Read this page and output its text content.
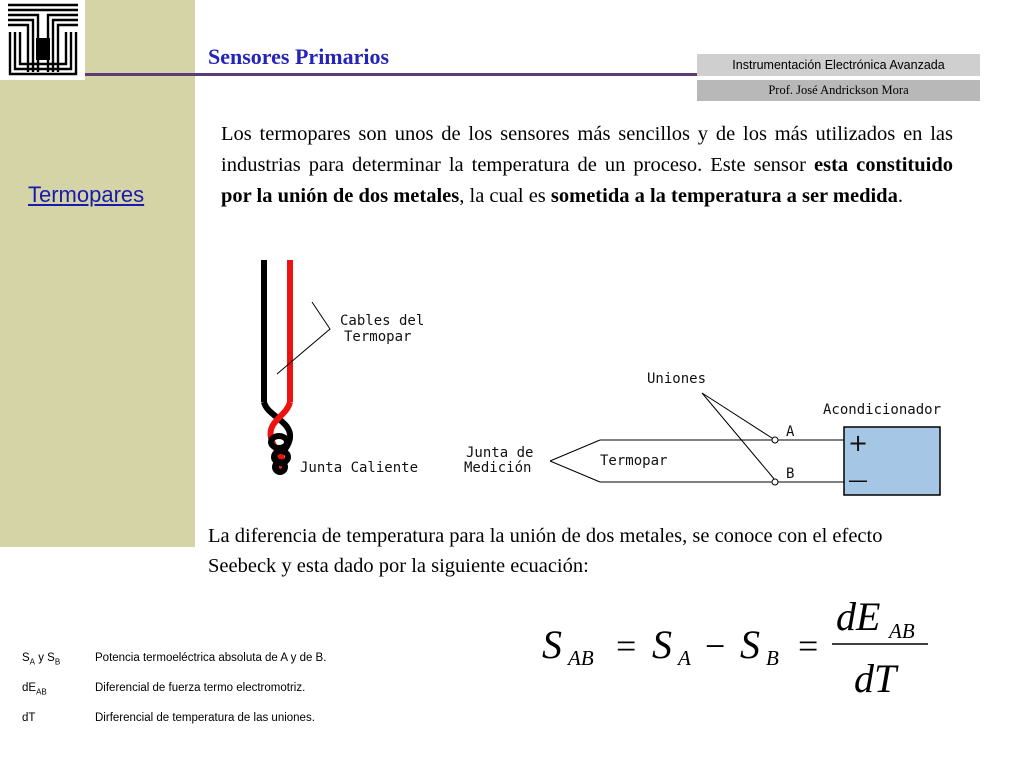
Sensores Primarios	Instrumentación Electrónica Avanzada
Prof. José Andrickson Mora
Termopares

Los termopares son unos de los sensores más sencillos y de los más utilizados en las industrias para determinar la temperatura de un proceso. Este sensor esta constituido por la unión de dos metales, la cual es sometida a la temperatura a ser medida.

Cables del
Termopar
Junta Caliente
Uniones
Junta de
Medición	Termopar
A
B
Acondicionador
+
—

La diferencia de temperatura para la unión de dos metales, se conoce con el efecto Seebeck y esta dado por la siguiente ecuación:

S AB = S A − S B =
dE AB
dT
$S_A$ y $S_B$	Potencia termoeléctrica absoluta de A y de B.
$dE_{AB}$	Diferencial de fuerza termo electromotriz.
dT	Dirferencial de temperatura de las uniones.
